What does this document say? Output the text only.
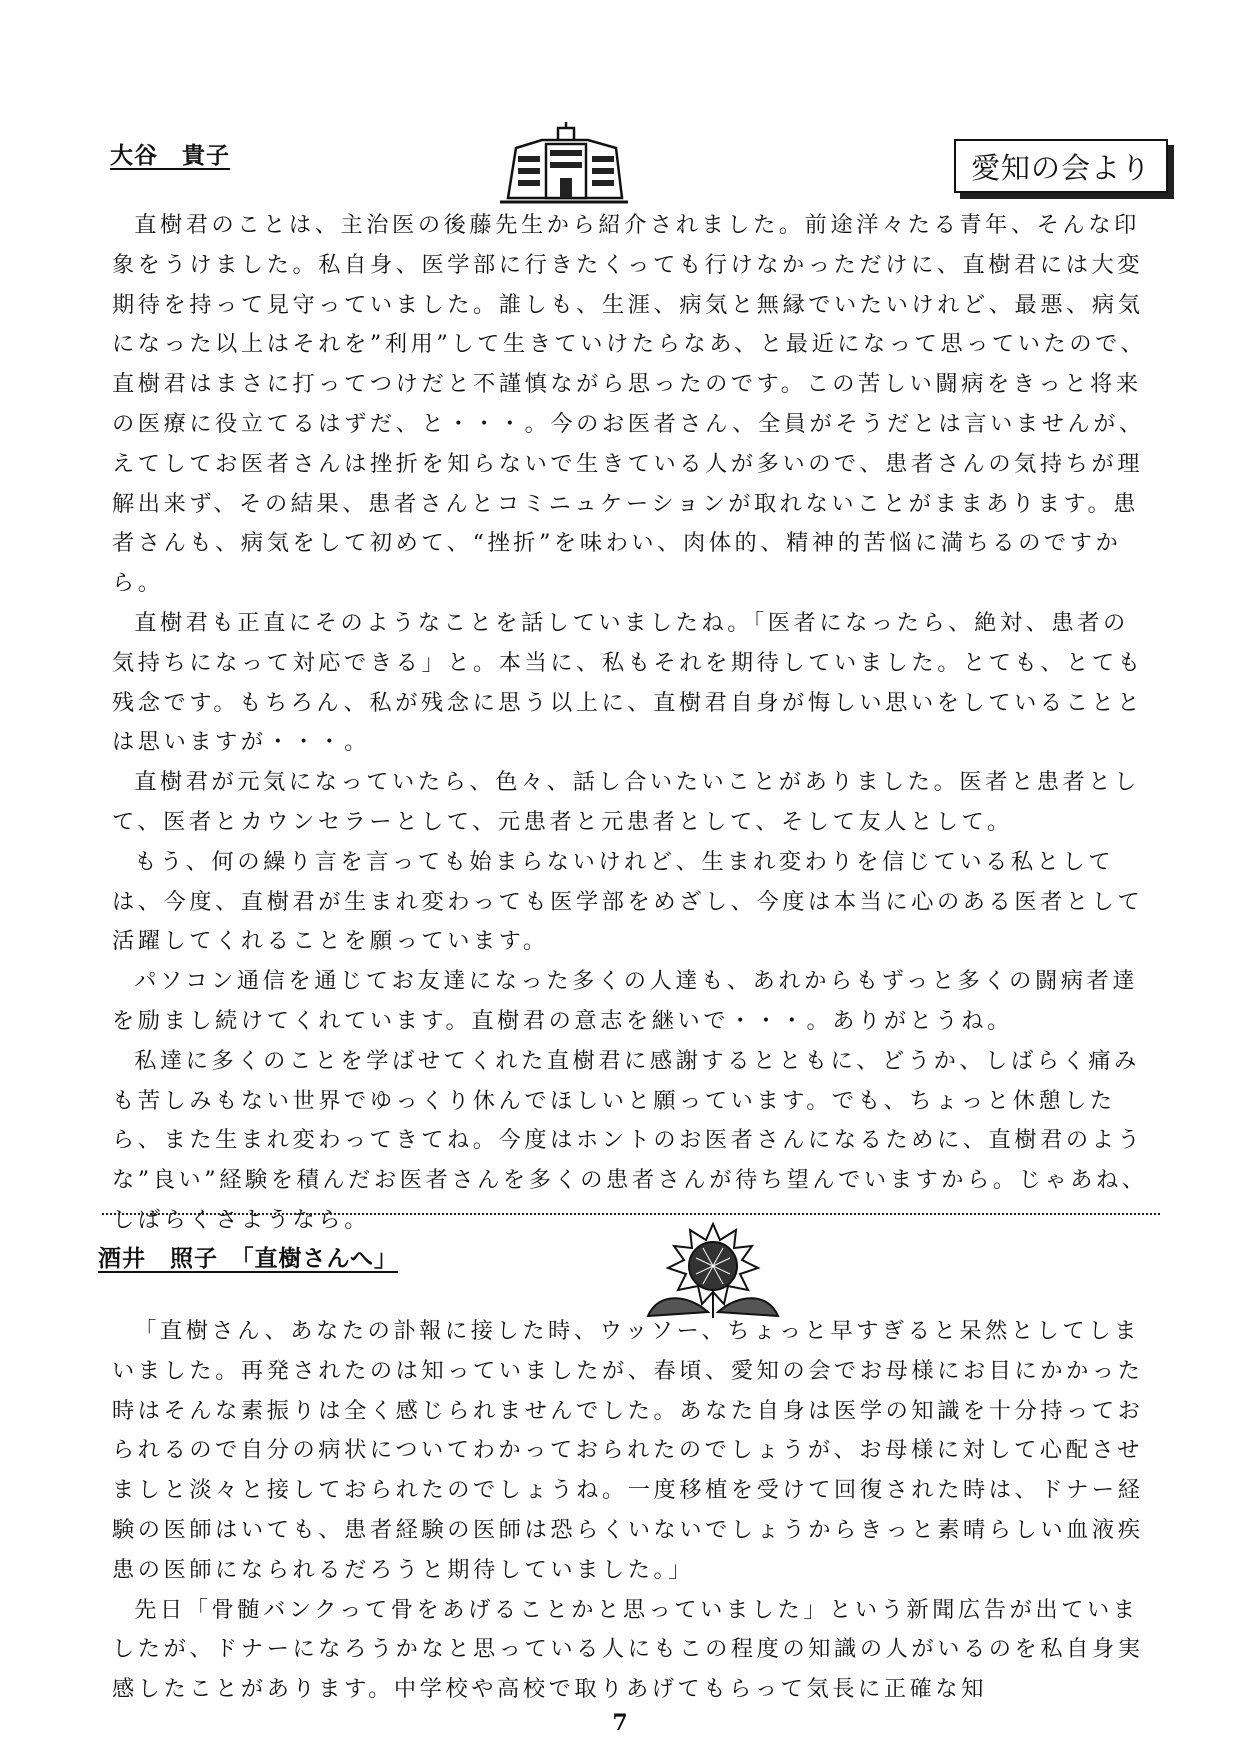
大谷　貴子	愛知の会より

直樹君のことは、主治医の後藤先生から紹介されました。前途洋々たる青年、そんな印象をうけました。私自身、医学部に行きたくっても行けなかっただけに、直樹君には大変期待を持って見守っていました。誰しも、生涯、病気と無縁でいたいけれど、最悪、病気になった以上はそれを”利用”して生きていけたらなあ、と最近になって思っていたので、直樹君はまさに打ってつけだと不謹慎ながら思ったのです。この苦しい闘病をきっと将来の医療に役立てるはずだ、と・・・。今のお医者さん、全員がそうだとは言いませんが、えてしてお医者さんは挫折を知らないで生きている人が多いので、患者さんの気持ちが理解出来ず、その結果、患者さんとコミニュケーションが取れないことがままあります。患者さんも、病気をして初めて、“挫折”を味わい、肉体的、精神的苦悩に満ちるのですから。

直樹君も正直にそのようなことを話していましたね。「医者になったら、絶対、患者の気持ちになって対応できる」と。本当に、私もそれを期待していました。とても、とても残念です。もちろん、私が残念に思う以上に、直樹君自身が悔しい思いをしていることとは思いますが・・・。

直樹君が元気になっていたら、色々、話し合いたいことがありました。医者と患者として、医者とカウンセラーとして、元患者と元患者として、そして友人として。

もう、何の繰り言を言っても始まらないけれど、生まれ変わりを信じている私としては、今度、直樹君が生まれ変わっても医学部をめざし、今度は本当に心のある医者として活躍してくれることを願っています。

パソコン通信を通じてお友達になった多くの人達も、あれからもずっと多くの闘病者達を励まし続けてくれています。直樹君の意志を継いで・・・。ありがとうね。

私達に多くのことを学ばせてくれた直樹君に感謝するとともに、どうか、しばらく痛みも苦しみもない世界でゆっくり休んでほしいと願っています。でも、ちょっと休憩したら、また生まれ変わってきてね。今度はホントのお医者さんになるために、直樹君のような”良い”経験を積んだお医者さんを多くの患者さんが待ち望んでいますから。じゃあね、しばらくさようなら。

酒井　照子　「直樹さんへ」

「直樹さん、あなたの訃報に接した時、ウッソー、ちょっと早すぎると呆然としてしまいました。再発されたのは知っていましたが、春頃、愛知の会でお母様にお目にかかった時はそんな素振りは全く感じられませんでした。あなた自身は医学の知識を十分持っておられるので自分の病状についてわかっておられたのでしょうが、お母様に対して心配させましと淡々と接しておられたのでしょうね。一度移植を受けて回復された時は、ドナー経験の医師はいても、患者経験の医師は恐らくいないでしょうからきっと素晴らしい血液疾患の医師になられるだろうと期待していました。」

先日「骨髄バンクって骨をあげることかと思っていました」という新聞広告が出ていましたが、ドナーになろうかなと思っている人にもこの程度の知識の人がいるのを私自身実感したことがあります。中学校や高校で取りあげてもらって気長に正確な知

7
